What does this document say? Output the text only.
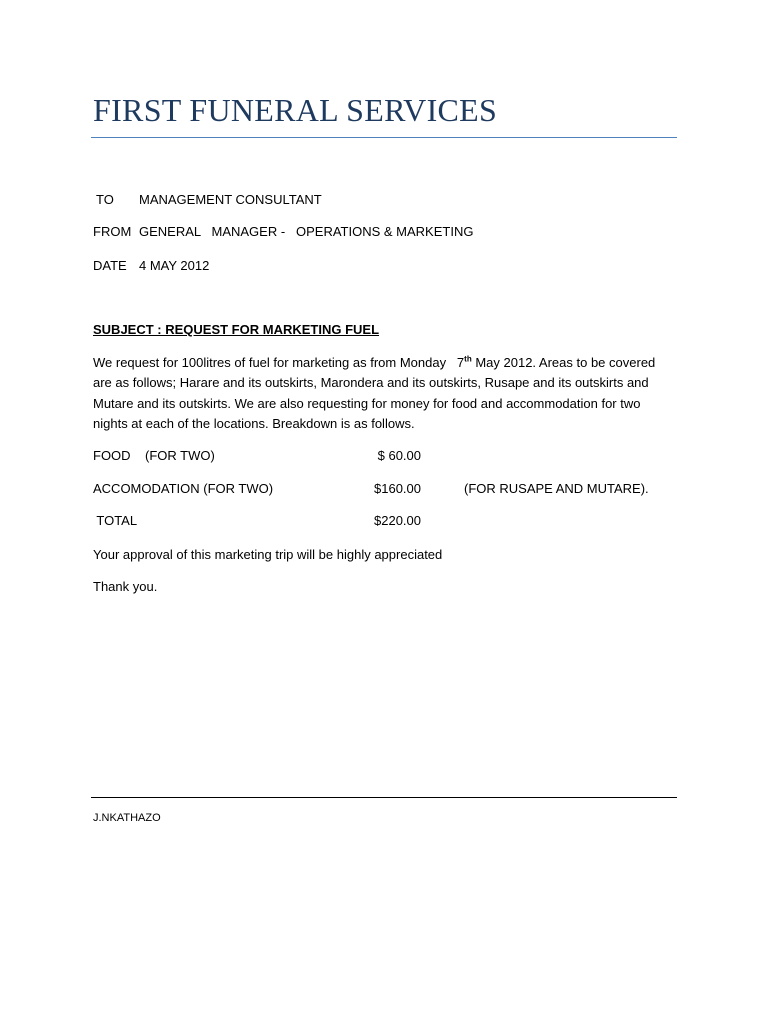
FIRST FUNERAL SERVICES
TO MANAGEMENT CONSULTANT
FROM GENERAL   MANAGER -   OPERATIONS & MARKETING
DATE 4 MAY 2012
SUBJECT : REQUEST FOR MARKETING FUEL
We request for 100litres of fuel for marketing as from Monday   7th May 2012. Areas to be covered
are as follows; Harare and its outskirts, Marondera and its outskirts, Rusape and its outskirts and
Mutare and its outskirts. We are also requesting for money for food and accommodation for two
nights at each of the locations. Breakdown is as follows.
FOOD    (FOR TWO)	$ 60.00
ACCOMODATION (FOR TWO)	$160.00	(FOR RUSAPE AND MUTARE).
TOTAL	$220.00
Your approval of this marketing trip will be highly appreciated
Thank you.
J.NKATHAZO
